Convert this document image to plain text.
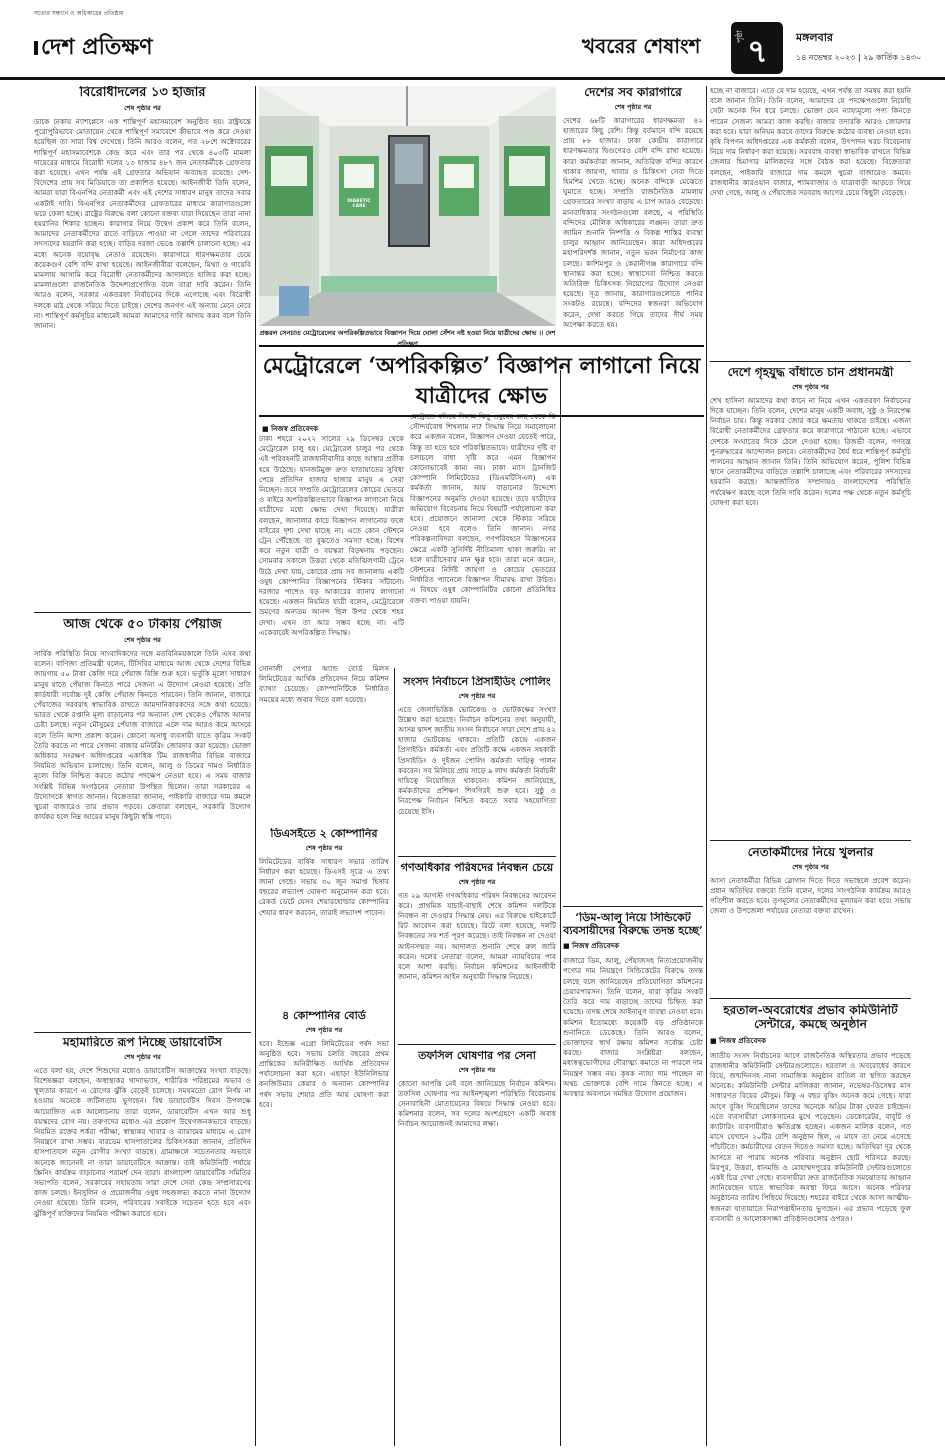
সত্যের সন্ধানে ও অধিকারের প্রতিষ্ঠায়
দেশ প্রতিক্ষণ	খবরের শেষাংশ	পৃষ্ঠা ৭	মঙ্গলবার
১৪ নভেম্বর ২০২৩ | ২৯ কার্তিক ১৪৩০
বিরোধীদলের ১৩ হাজার
শেষ পৃষ্ঠার পর
ডাকে ঢাকায় ন্যাশপ্লেসে এক শান্তিপূর্ণ মহাসমাবেশ অনুষ্ঠিত হয়। রাষ্ট্রযন্ত্রে পুরোপুরিভাবে মোতায়েন থেকে শান্তিপূর্ণ সমাবেশে কীভাবে পণ্ড করে দেওয়া হয়েছিল তা সারা বিশ্ব দেখেছে। তিনি আরও বলেন, গত ২৮শে অক্টোবরের শান্তিপূর্ণ মহাসমাবেশকে কেন্দ্র করে এবং তার পর থেকে ৪০৩টি মামলা দায়েরের মাধ্যমে বিরোধী দলের ১৩ হাজার ৪৮৭ জন নেতাকর্মীকে গ্রেফতার করা হয়েছে। এখন পর্যন্ত এই গ্রেফতার অভিযান অব্যাহত রয়েছে। দেশ-বিদেশের প্রায় সব মিডিয়াতে তা প্রকাশিত হয়েছে। আইনজীবী তিনি বলেন, আমরা যারা বিএনপির নেতাকর্মী এবং এই দেশের সাধারণ মানুষ তাদের সবার একটাই দাবি। বিএনপির নেতাকর্মীদের গ্রেফতারের মাধ্যমে কারাগারগুলো ভরে ফেলা হচ্ছে। রাষ্ট্রের বিরুদ্ধে বলা কোনো বক্তব্য যারা দিয়েছেন তারা নানা হয়রানির শিকার হচ্ছেন। কারাগার নিয়ে উদ্বেগ প্রকাশ করে তিনি বলেন, আমাদের নেতাকর্মীদের রাতে বাড়িতে পাওয়া না গেলে তাদের পরিবারের সদস্যদের হয়রানি করা হচ্ছে। বাড়ির দরজা ভেঙে তল্লাশি চালানো হচ্ছে। এর মধ্যে অনেক বয়োবৃদ্ধ নেতাও রয়েছেন। কারাগারে ধারণক্ষমতার চেয়ে কয়েকগুণ বেশি বন্দি রাখা হয়েছে। আইনজীবীরা বলেছেন, মিথ্যা ও গায়েবি মামলায় আসামি করে বিরোধী নেতাকর্মীদের আদালতে হাজির করা হচ্ছে। মামলাগুলো রাজনৈতিক উদ্দেশ্যপ্রণোদিত বলে তারা দাবি করেন। তিনি আরও বলেন, সরকার একতরফা নির্বাচনের দিকে এগোচ্ছে এবং বিরোধী দলকে মাঠ থেকে সরিয়ে দিতে চাইছে। দেশের জনগণ এই অন্যায় মেনে নেবে না। শান্তিপূর্ণ কর্মসূচির মাধ্যমেই আমরা আমাদের দাবি আদায় করব বলে তিনি জানান।
আজ থেকে ৫০ টাকায় পেঁয়াজ
শেষ পৃষ্ঠার পর
সার্বিক পরিস্থিতি নিয়ে সাংবাদিকদের সঙ্গে মতবিনিময়কালে তিনি এসব কথা বলেন। বাণিজ্য প্রতিমন্ত্রী বলেন, টিসিবির মাধ্যমে আজ থেকে দেশের বিভিন্ন জায়গায় ৫০ টাকা কেজি দরে পেঁয়াজ বিক্রি শুরু হবে। ভর্তুকি মূল্যে সাধারণ মানুষ যাতে পেঁয়াজ কিনতে পারে সেজন্য এ উদ্যোগ নেওয়া হয়েছে। প্রতি কার্ডধারী সর্বোচ্চ দুই কেজি পেঁয়াজ কিনতে পারবেন। তিনি জানান, বাজারে পেঁয়াজের সরবরাহ স্বাভাবিক রাখতে আমদানিকারকদের সঙ্গে কথা হয়েছে। ভারত থেকে রপ্তানি মূল্য বাড়ানোর পর অন্যান্য দেশ থেকেও পেঁয়াজ আনার চেষ্টা চলছে। নতুন মৌসুমের পেঁয়াজ বাজারে এলে দাম আরও কমে আসবে বলে তিনি আশা প্রকাশ করেন। কোনো অসাধু ব্যবসায়ী যাতে কৃত্রিম সংকট তৈরি করতে না পারে সেজন্য বাজার মনিটরিং জোরদার করা হয়েছে। ভোক্তা অধিকার সংরক্ষণ অধিদপ্তরের একাধিক টিম রাজধানীর বিভিন্ন বাজারে নিয়মিত অভিযান চালাচ্ছে। তিনি বলেন, আলু ও ডিমের দামও নির্ধারিত মূল্যে বিক্রি নিশ্চিত করতে কঠোর পদক্ষেপ নেওয়া হবে। এ সময় বাজার সংশ্লিষ্ট বিভিন্ন সংগঠনের নেতারা উপস্থিত ছিলেন। তারা সরকারের এ উদ্যোগকে স্বাগত জানান। বিক্রেতারা জানান, পাইকারি বাজারে দাম কমলে খুচরা বাজারেও তার প্রভাব পড়বে। ক্রেতারা বলছেন, সরকারি উদ্যোগ কার্যকর হলে নিম্ন আয়ের মানুষ কিছুটা স্বস্তি পাবে।
মহামারিতে রূপ নিচ্ছে ডায়াবেটিস
শেষ পৃষ্ঠার পর
এতে বলা হয়, দেশে শিশুদের মধ্যেও ডায়াবেটিস আক্রান্তের সংখ্যা বাড়ছে। বিশেষজ্ঞরা বলছেন, অস্বাস্থ্যকর খাদ্যাভ্যাস, শারীরিক পরিশ্রমের অভাব ও স্থূলতার কারণে এ রোগের ঝুঁকি বেড়েই চলেছে। সময়মতো রোগ নির্ণয় না হওয়ায় অনেকে জটিলতায় ভুগছেন। বিশ্ব ডায়াবেটিস দিবস উপলক্ষে আয়োজিত এক আলোচনায় তারা বলেন, ডায়াবেটিস এখন আর শুধু বয়স্কদের রোগ নয়। তরুণদের মধ্যেও এর প্রকোপ উদ্বেগজনকভাবে বাড়ছে। নিয়মিত রক্তের শর্করা পরীক্ষা, স্বাস্থ্যকর খাবার ও ব্যায়ামের মাধ্যমে এ রোগ নিয়ন্ত্রণে রাখা সম্ভব। বারডেম হাসপাতালের চিকিৎসকরা জানান, প্রতিদিন হাসপাতালে নতুন রোগীর সংখ্যা বাড়ছে। গ্রামাঞ্চলে সচেতনতার অভাবে অনেকে জানেনই না তারা ডায়াবেটিসে আক্রান্ত। তাই কমিউনিটি পর্যায়ে স্ক্রিনিং কার্যক্রম বাড়ানোর পরামর্শ দেন তারা। বাংলাদেশ ডায়াবেটিক সমিতির সভাপতি বলেন, সরকারের সহায়তায় সারা দেশে সেবা কেন্দ্র সম্প্রসারণের কাজ চলছে। ইনসুলিন ও প্রয়োজনীয় ওষুধ সহজলভ্য করতে নানা উদ্যোগ নেওয়া হয়েছে। তিনি বলেন, পরিবারের সবাইকে সচেতন হতে হবে এবং ঝুঁকিপূর্ণ ব্যক্তিদের নিয়মিত পরীক্ষা করাতে হবে।
DIABETIC CARE
প্রস্তরল সেনচাত মেট্রোরেলের অপরিকল্পিতভাবে বিজ্ঞাপন দিয়ে ঘোলা সেঁশন নষ্ট হওয়া নিয়ে যাত্রীদের ক্ষোভ ।। দেশ প্রতিক্ষণ
মেট্রোরেলে ‘অপরিকল্পিত’ বিজ্ঞাপন লাগানো নিয়ে যাত্রীদের ক্ষোভ
■ নিজস্ব প্রতিবেদক
ঢাকা শহরে ২০২২ সালের ২৯ ডিসেম্বর থেকে মেট্রোরেল চালু হয়। মেট্রোরেল চালুর পর থেকে এই পরিবহনটি রাজধানীবাসীর কাছে আস্থার প্রতীক হয়ে উঠেছে। যানজটমুক্ত দ্রুত যাতায়াতের সুবিধা পেয়ে প্রতিদিন হাজার হাজার মানুষ এ সেবা নিচ্ছেন। তবে সম্প্রতি মেট্রোরেলের কোচের ভেতরে ও বাইরে অপরিকল্পিতভাবে বিজ্ঞাপন লাগানো নিয়ে যাত্রীদের মধ্যে ক্ষোভ দেখা দিয়েছে। যাত্রীরা বলছেন, জানালার কাচে বিজ্ঞাপন লাগানোর ফলে বাইরের দৃশ্য দেখা যাচ্ছে না। এতে কোন স্টেশনে ট্রেন পৌঁছেছে তা বুঝতেও সমস্যা হচ্ছে। বিশেষ করে নতুন যাত্রী ও বয়স্করা বিড়ম্বনায় পড়ছেন। সোমবার সকালে উত্তরা থেকে মতিঝিলগামী ট্রেনে উঠে দেখা যায়, কোচের প্রায় সব জানালায় একটি ওষুধ কোম্পানির বিজ্ঞাপনের স্টিকার সাঁটানো। দরজার পাশেও বড় আকারের ব্যানার লাগানো হয়েছে। একজন নিয়মিত যাত্রী বলেন, মেট্রোরেলে ভ্রমণের অন্যতম আনন্দ ছিল উপর থেকে শহর দেখা। এখন তা আর সম্ভব হচ্ছে না। এটি একেবারেই অপরিকল্পিত সিদ্ধান্ত।
মেট্রোতে বসিয়ে দিলাম কিছু ওষুধের কাছ থেকে কি সৌন্দর্যবোধ শিখলাম না? সিদ্ধান্ত নিয়ে সমালোচনা করে একজন বলেন, বিজ্ঞাপন দেওয়া যেতেই পারে, কিন্তু তা হতে হবে পরিকল্পিতভাবে। যাত্রীদের দৃষ্টি বা চলাচলে বাধা সৃষ্টি করে এমন বিজ্ঞাপন কোনোভাবেই কাম্য নয়। ঢাকা ম্যাস ট্রানজিট কোম্পানি লিমিটেডের (ডিএমটিসিএল) এক কর্মকর্তা জানান, আয় বাড়ানোর উদ্দেশ্যে বিজ্ঞাপনের অনুমতি দেওয়া হয়েছে। তবে যাত্রীদের অভিযোগ বিবেচনায় নিয়ে বিষয়টি পর্যালোচনা করা হবে। প্রয়োজনে জানালা থেকে স্টিকার সরিয়ে নেওয়া হবে বলেও তিনি জানান। নগর পরিকল্পনাবিদরা বলছেন, গণপরিবহনে বিজ্ঞাপনের ক্ষেত্রে একটি সুনির্দিষ্ট নীতিমালা থাকা জরুরি। না হলে যাত্রীসেবার মান ক্ষুণ্ণ হবে। তারা মনে করেন, স্টেশনের নির্দিষ্ট জায়গা ও কোচের ভেতরের নির্ধারিত প্যানেলে বিজ্ঞাপন সীমাবদ্ধ রাখা উচিত। এ বিষয়ে ওষুধ কোম্পানিটির কোনো প্রতিনিধির বক্তব্য পাওয়া যায়নি।
সোনালী পেপার অ্যান্ড বোর্ড মিলস লিমিটেডের আর্থিক প্রতিবেদন নিয়ে কমিশন ব্যাখ্যা চেয়েছে। কোম্পানিটিকে নির্ধারিত সময়ের মধ্যে জবাব দিতে বলা হয়েছে।
ডিএসইতে ২ কোম্পানির
শেষ পৃষ্ঠার পর
লিমিটেডের বার্ষিক সাধারণ সভার তারিখ নির্ধারণ করা হয়েছে। ডিএসই সূত্রে এ তথ্য জানা গেছে। সভায় ৩০ জুন সমাপ্ত হিসাব বছরের লভ্যাংশ ঘোষণা অনুমোদন করা হবে। রেকর্ড ডেটে যেসব শেয়ারহোল্ডার কোম্পানির শেয়ার ধারণ করবেন, তারাই লভ্যাংশ পাবেন।
৪ কোম্পানির বোর্ড
শেষ পৃষ্ঠার পর
হবে। ইন্ডেক্স এগ্রো লিমিটেডের পর্ষদ সভা অনুষ্ঠিত হবে। সভায় চলতি বছরের প্রথম প্রান্তিকের অনিরীক্ষিত আর্থিক প্রতিবেদন পর্যালোচনা করা হবে। এছাড়া ইউনিলিভার কনজিউমার কেয়ার ও অন্যান্য কোম্পানির পর্ষদ সভায় শেয়ার প্রতি আয় ঘোষণা করা হবে।
সংসদ নির্বাচনে প্রিসাইডিং পোলিং
শেষ পৃষ্ঠার পর
এতে জেলাভিত্তিক ভোটকেন্দ্র ও ভোটকক্ষের সংখ্যা উল্লেখ করা হয়েছে। নির্বাচন কমিশনের তথ্য অনুযায়ী, আসন্ন দ্বাদশ জাতীয় সংসদ নির্বাচনে সারা দেশে প্রায় ৪২ হাজার ভোটকেন্দ্র থাকবে। প্রতিটি কেন্দ্রে একজন প্রিসাইডিং কর্মকর্তা এবং প্রতিটি কক্ষে একজন সহকারী প্রিসাইডিং ও দুইজন পোলিং কর্মকর্তা দায়িত্ব পালন করবেন। সব মিলিয়ে প্রায় সাড়ে ৯ লাখ কর্মকর্তা নির্বাচনী দায়িত্বে নিয়োজিত থাকবেন। কমিশন জানিয়েছে, কর্মকর্তাদের প্রশিক্ষণ শিগগিরই শুরু হবে। সুষ্ঠু ও নিরপেক্ষ নির্বাচন নিশ্চিত করতে সবার সহযোগিতা চেয়েছে ইসি।
গণঅধিকার পরিষদের নিবন্ধন চেয়ে
শেষ পৃষ্ঠার পর
গত ২৯ আগস্ট গণঅধিকার পরিষদ নিবন্ধনের আবেদন করে। প্রাথমিক যাচাই-বাছাই শেষে কমিশন দলটিকে নিবন্ধন না দেওয়ার সিদ্ধান্ত নেয়। এর বিরুদ্ধে হাইকোর্টে রিট আবেদন করা হয়েছে। রিটে বলা হয়েছে, দলটি নিবন্ধনের সব শর্ত পূরণ করেছে। তাই নিবন্ধন না দেওয়া আইনসম্মত নয়। আদালত শুনানি শেষে রুল জারি করেন। দলের নেতারা বলেন, আমরা ন্যায়বিচার পাব বলে আশা করছি। নির্বাচন কমিশনের আইনজীবী জানান, কমিশন আইন অনুযায়ী সিদ্ধান্ত নিয়েছে।
তফসিল ঘোষণার পর সেনা
শেষ পৃষ্ঠার পর
কোনো আপত্তি নেই বলে জানিয়েছে নির্বাচন কমিশন। তফসিল ঘোষণার পর আইনশৃঙ্খলা পরিস্থিতি বিবেচনায় সেনাবাহিনী মোতায়েনের বিষয়ে সিদ্ধান্ত নেওয়া হবে। কমিশনার বলেন, সব দলের অংশগ্রহণে একটি অবাধ নির্বাচন আয়োজনই আমাদের লক্ষ্য।
দেশের সব কারাগারে
শেষ পৃষ্ঠার পর
দেশের ৬৮টি কারাগারের ধারণক্ষমতা ৪২ হাজারের কিছু বেশি। কিন্তু বর্তমানে বন্দি রয়েছে প্রায় ৮৮ হাজার। ঢাকা কেন্দ্রীয় কারাগারে ধারণক্ষমতার দ্বিগুণেরও বেশি বন্দি রাখা হয়েছে। কারা কর্মকর্তারা জানান, অতিরিক্ত বন্দির কারণে থাকার জায়গা, খাবার ও চিকিৎসা সেবা দিতে হিমশিম খেতে হচ্ছে। অনেক বন্দিকে মেঝেতে ঘুমাতে হচ্ছে। সম্প্রতি রাজনৈতিক মামলায় গ্রেফতারের সংখ্যা বাড়ায় এ চাপ আরও বেড়েছে। মানবাধিকার সংগঠনগুলো বলছে, এ পরিস্থিতি বন্দিদের মৌলিক অধিকারের লঙ্ঘন। তারা দ্রুত জামিন শুনানি নিষ্পত্তি ও বিকল্প শাস্তির ব্যবস্থা চালুর আহ্বান জানিয়েছেন। কারা অধিদপ্তরের মহাপরিদর্শক জানান, নতুন ভবন নির্মাণের কাজ চলছে। কাশিমপুর ও কেরানীগঞ্জ কারাগারে বন্দি স্থানান্তর করা হচ্ছে। স্বাস্থ্যসেবা নিশ্চিত করতে অতিরিক্ত চিকিৎসক নিয়োগের উদ্যোগ নেওয়া হয়েছে। সূত্র জানায়, কারাগারগুলোতে পানির সংকটও রয়েছে। বন্দিদের স্বজনরা অভিযোগ করেন, দেখা করতে গিয়ে তাদের দীর্ঘ সময় অপেক্ষা করতে হয়।
‘ডিম-আলু নিয়ে সিন্ডিকেট ব্যবসায়ীদের বিরুদ্ধে তদন্ত হচ্ছে’
■ নিজস্ব প্রতিবেদক
বাজারে ডিম, আলু, পেঁয়াজসহ নিত্যপ্রয়োজনীয় পণ্যের দাম নিয়ন্ত্রণে সিন্ডিকেটের বিরুদ্ধে তদন্ত চলছে বলে জানিয়েছেন প্রতিযোগিতা কমিশনের চেয়ারপারসন। তিনি বলেন, যারা কৃত্রিম সংকট তৈরি করে দাম বাড়াচ্ছে তাদের চিহ্নিত করা হয়েছে। তদন্ত শেষে আইনানুগ ব্যবস্থা নেওয়া হবে। কমিশন ইতোমধ্যে কয়েকটি বড় প্রতিষ্ঠানকে শুনানিতে ডেকেছে। তিনি আরও বলেন, ভোক্তাদের স্বার্থ রক্ষায় কমিশন সর্বোচ্চ চেষ্টা করছে। বাজার সংশ্লিষ্টরা বলছেন, মধ্যস্বত্বভোগীদের দৌরাত্ম্য কমাতে না পারলে দাম নিয়ন্ত্রণ সম্ভব নয়। কৃষক ন্যায্য দাম পাচ্ছেন না অথচ ভোক্তাকে বেশি দামে কিনতে হচ্ছে। এ অবস্থার অবসানে সমন্বিত উদ্যোগ প্রয়োজন।
হচ্ছে না বাজারে। এতে যে দাম হয়েছে, এখন পর্যন্ত তা সমন্বয় করা হয়নি বলে জানান তিনি। তিনি বলেন, আমাদের যে পদক্ষেপগুলো নিয়েছি সেটা অনেক দিন ধরে চলছে। ভোক্তা যেন ন্যায্যমূল্যে পণ্য কিনতে পারেন সেজন্য আমরা কাজ করছি। বাজার তদারকি আরও জোরদার করা হবে। যারা অনিয়ম করবে তাদের বিরুদ্ধে কঠোর ব্যবস্থা নেওয়া হবে। কৃষি বিপণন অধিদপ্তরের এক কর্মকর্তা বলেন, উৎপাদন খরচ বিবেচনায় নিয়ে দাম নির্ধারণ করা হয়েছে। সরবরাহ ব্যবস্থা স্বাভাবিক রাখতে বিভিন্ন জেলার হিমাগার মালিকদের সঙ্গে বৈঠক করা হয়েছে। বিক্রেতারা বলছেন, পাইকারি বাজারে দাম কমলে খুচরা বাজারেও কমবে। রাজধানীর কারওয়ান বাজার, শ্যামবাজার ও যাত্রাবাড়ী আড়তে গিয়ে দেখা গেছে, আলু ও পেঁয়াজের সরবরাহ আগের চেয়ে কিছুটা বেড়েছে।
দেশে গৃহযুদ্ধ বাঁধাতে চান প্রধানমন্ত্রী
শেষ পৃষ্ঠার পর
শেখ হাসিনা আমাদের কথা কানে না নিয়ে এখন একতরফা নির্বাচনের দিকে যাচ্ছেন। তিনি বলেন, দেশের মানুষ একটি অবাধ, সুষ্ঠু ও নিরপেক্ষ নির্বাচন চায়। কিন্তু সরকার জোর করে ক্ষমতায় থাকতে চাইছে। এজন্য বিরোধী নেতাকর্মীদের গ্রেফতার করে কারাগারে পাঠানো হচ্ছে। এভাবে দেশকে সংঘাতের দিকে ঠেলে দেওয়া হচ্ছে। রিজভী বলেন, গণতন্ত্র পুনরুদ্ধারের আন্দোলন চলবে। নেতাকর্মীদের ধৈর্য ধরে শান্তিপূর্ণ কর্মসূচি পালনের আহ্বান জানান তিনি। তিনি অভিযোগ করেন, পুলিশ বিভিন্ন স্থানে নেতাকর্মীদের বাড়িতে তল্লাশি চালাচ্ছে এবং পরিবারের সদস্যদের হয়রানি করছে। আন্তর্জাতিক সম্প্রদায়ও বাংলাদেশের পরিস্থিতি পর্যবেক্ষণ করছে বলে তিনি দাবি করেন। দলের পক্ষ থেকে নতুন কর্মসূচি ঘোষণা করা হবে।
নেতাকর্মীদের নিয়ে খুলনার
শেষ পৃষ্ঠার পর
আসা নেতাকর্মীরা বিভিন্ন স্লোগান দিতে দিতে সভাস্থলে প্রবেশ করেন। প্রধান অতিথির বক্তব্যে তিনি বলেন, দলের সাংগঠনিক কার্যক্রম আরও গতিশীল করতে হবে। তৃণমূলের নেতাকর্মীদের মূল্যায়ন করা হবে। সভায় জেলা ও উপজেলা পর্যায়ের নেতারা বক্তব্য রাখেন।
হরতাল-অবরোধের প্রভাব কমিউনিটি সেন্টারে, কমছে অনুষ্ঠান
■ নিজস্ব প্রতিবেদক
জাতীয় সংসদ নির্বাচনের আগে রাজনৈতিক অস্থিরতার প্রভাব পড়েছে রাজধানীর কমিউনিটি সেন্টারগুলোতে। হরতাল ও অবরোধের কারণে বিয়ে, জন্মদিনসহ নানা সামাজিক অনুষ্ঠান বাতিল বা স্থগিত করছেন অনেকে। কমিউনিটি সেন্টার মালিকরা জানান, নভেম্বর-ডিসেম্বর মাস সাধারণত বিয়ের মৌসুম। কিন্তু এ বছর বুকিং অনেক কমে গেছে। যারা আগে বুকিং দিয়েছিলেন তাদের অনেকে অগ্রিম টাকা ফেরত চাইছেন। এতে ব্যবসায়ীরা লোকসানের মুখে পড়েছেন। ডেকোরেটর, বাবুর্চি ও ক্যাটারিং ব্যবসায়ীরাও ক্ষতিগ্রস্ত হচ্ছেন। একজন মালিক বলেন, গত মাসে যেখানে ২০টির বেশি অনুষ্ঠান ছিল, এ মাসে তা নেমে এসেছে পাঁচটিতে। কর্মচারীদের বেতন দিতেও সমস্যা হচ্ছে। অতিথিরা দূর থেকে আসতে না পারায় অনেক পরিবার অনুষ্ঠান ছোট পরিসরে করছে। মিরপুর, উত্তরা, ধানমন্ডি ও মোহাম্মদপুরের কমিউনিটি সেন্টারগুলোতে একই চিত্র দেখা গেছে। ব্যবসায়ীরা দ্রুত রাজনৈতিক সমঝোতার আহ্বান জানিয়েছেন যাতে স্বাভাবিক অবস্থা ফিরে আসে। অনেক পরিবার অনুষ্ঠানের তারিখ পিছিয়ে দিয়েছে। শহরের বাইরে থেকে আসা আত্মীয়-স্বজনরা যাতায়াতে নিরাপত্তাহীনতায় ভুগছেন। এর প্রভাব পড়েছে ফুল ব্যবসায়ী ও আলোকসজ্জা প্রতিষ্ঠানগুলোর ওপরও।
